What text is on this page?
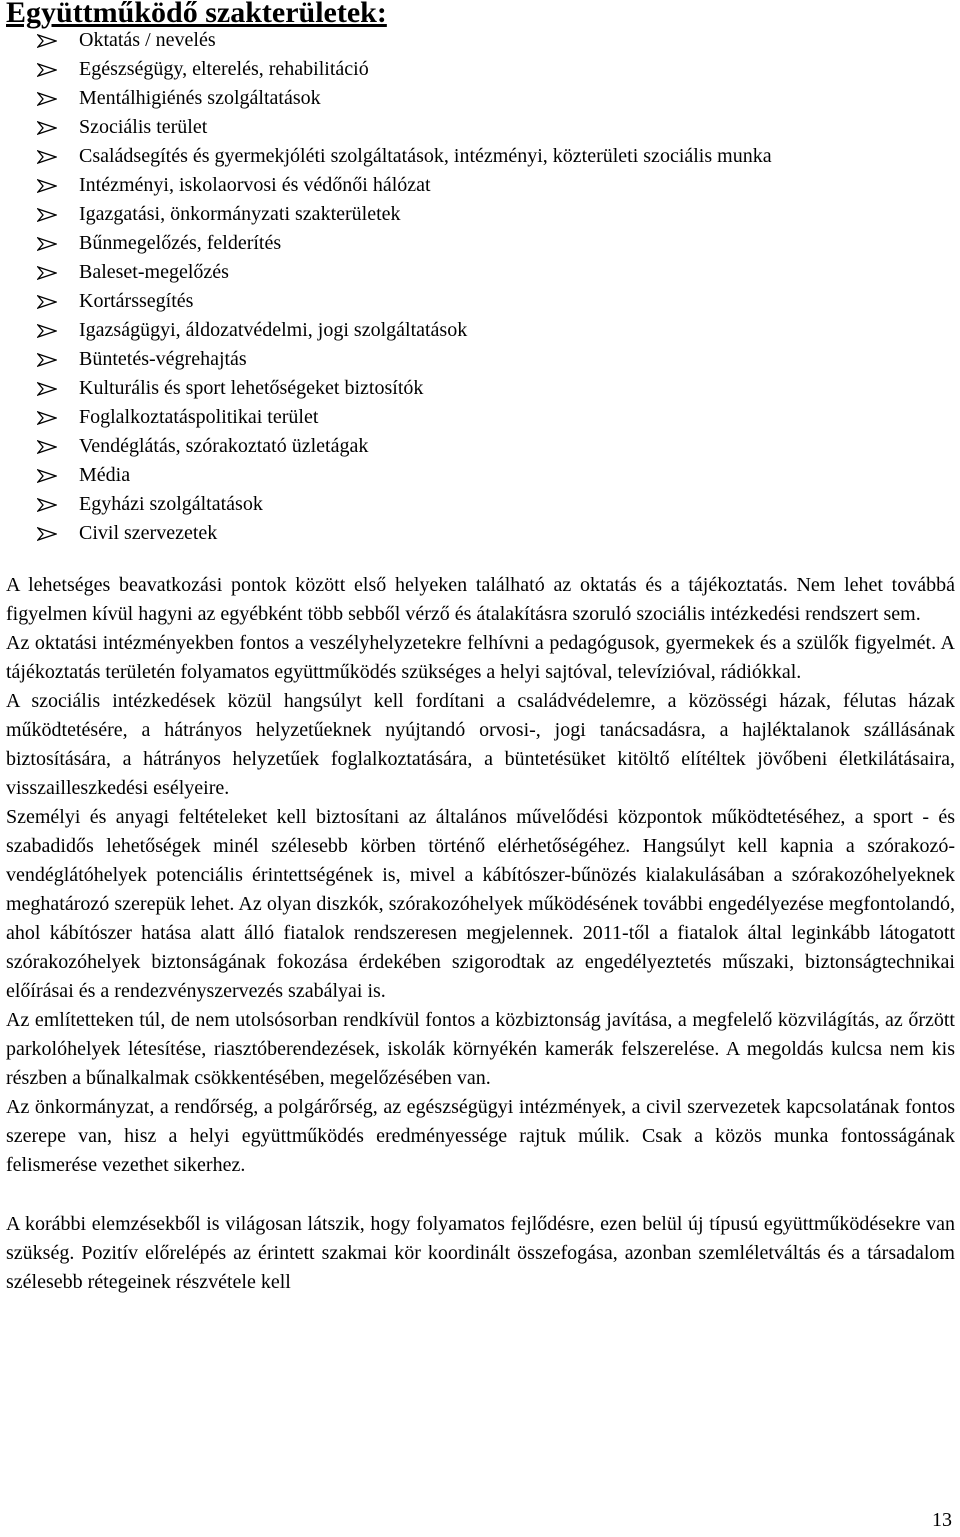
Együttműködő szakterületek:
Oktatás / nevelés
Egészségügy, elterelés, rehabilitáció
Mentálhigiénés szolgáltatások
Szociális terület
Családsegítés és gyermekjóléti szolgáltatások, intézményi, közterületi szociális munka
Intézményi, iskolaorvosi és védőnői hálózat
Igazgatási, önkormányzati szakterületek
Bűnmegelőzés, felderítés
Baleset-megelőzés
Kortárssegítés
Igazságügyi, áldozatvédelmi, jogi szolgáltatások
Büntetés-végrehajtás
Kulturális és sport lehetőségeket biztosítók
Foglalkoztatáspolitikai terület
Vendéglátás, szórakoztató üzletágak
Média
Egyházi szolgáltatások
Civil szervezetek

A lehetséges beavatkozási pontok között első helyeken található az oktatás és a tájékoztatás. Nem lehet továbbá figyelmen kívül hagyni az egyébként több sebből vérző és átalakításra szoruló szociális intézkedési rendszert sem.

Az oktatási intézményekben fontos a veszélyhelyzetekre felhívni a pedagógusok, gyermekek és a szülők figyelmét. A tájékoztatás területén folyamatos együttműködés szükséges a helyi sajtóval, televízióval, rádiókkal.

A szociális intézkedések közül hangsúlyt kell fordítani a családvédelemre, a közösségi házak, félutas házak működtetésére, a hátrányos helyzetűeknek nyújtandó orvosi-, jogi tanácsadásra, a hajléktalanok szállásának biztosítására, a hátrányos helyzetűek foglalkoztatására, a büntetésüket kitöltő elítéltek jövőbeni életkilátásaira, visszailleszkedési esélyeire.

Személyi és anyagi feltételeket kell biztosítani az általános művelődési központok működtetéséhez, a sport - és szabadidős lehetőségek minél szélesebb körben történő elérhetőségéhez. Hangsúlyt kell kapnia a szórakozó-vendéglátóhelyek potenciális érintettségének is, mivel a kábítószer-bűnözés kialakulásában a szórakozóhelyeknek meghatározó szerepük lehet. Az olyan diszkók, szórakozóhelyek működésének további engedélyezése megfontolandó, ahol kábítószer hatása alatt álló fiatalok rendszeresen megjelennek. 2011-től a fiatalok által leginkább látogatott szórakozóhelyek biztonságának fokozása érdekében szigorodtak az engedélyeztetés műszaki, biztonságtechnikai előírásai és a rendezvényszervezés szabályai is.

Az említetteken túl, de nem utolsósorban rendkívül fontos a közbiztonság javítása, a megfelelő közvilágítás, az őrzött parkolóhelyek létesítése, riasztóberendezések, iskolák környékén kamerák felszerelése. A megoldás kulcsa nem kis részben a bűnalkalmak csökkentésében, megelőzésében van.

Az önkormányzat, a rendőrség, a polgárőrség, az egészségügyi intézmények, a civil szervezetek kapcsolatának fontos szerepe van, hisz a helyi együttműködés eredményessége rajtuk múlik. Csak a közös munka fontosságának felismerése vezethet sikerhez.

A korábbi elemzésekből is világosan látszik, hogy folyamatos fejlődésre, ezen belül új típusú együttműködésekre van szükség. Pozitív előrelépés az érintett szakmai kör koordinált összefogása, azonban szemléletváltás és a társadalom szélesebb rétegeinek részvétele kell

13
